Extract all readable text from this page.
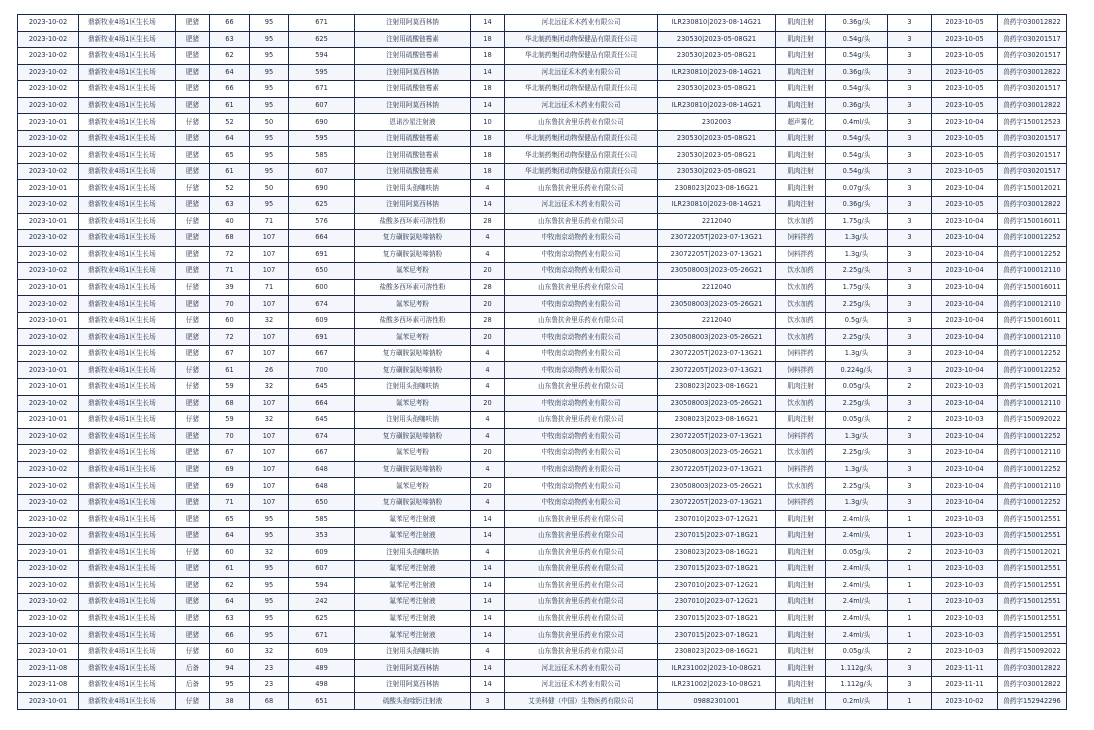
2023-10-02	鼎新牧业4场1区生长场	肥猪	66	95	671	注射用阿莫西林钠	14	河北远征禾木药业有限公司	ILR230810|2023-08-14G21	肌肉注射	0.36g/头	3	2023-10-05	兽药字030012822
2023-10-02	鼎新牧业4场1区生长场	肥猪	63	95	625	注射用硫酸链霉素	18	华北制药集团动物保健品有限责任公司	230530|2023-05-08G21	肌肉注射	0.54g/头	3	2023-10-05	兽药字030201517
2023-10-02	鼎新牧业4场1区生长场	肥猪	62	95	594	注射用硫酸链霉素	18	华北制药集团动物保健品有限责任公司	230530|2023-05-08G21	肌肉注射	0.54g/头	3	2023-10-05	兽药字030201517
2023-10-02	鼎新牧业4场1区生长场	肥猪	64	95	595	注射用阿莫西林钠	14	河北远征禾木药业有限公司	ILR230810|2023-08-14G21	肌肉注射	0.36g/头	3	2023-10-05	兽药字030012822
2023-10-02	鼎新牧业4场1区生长场	肥猪	66	95	671	注射用硫酸链霉素	18	华北制药集团动物保健品有限责任公司	230530|2023-05-08G21	肌肉注射	0.54g/头	3	2023-10-05	兽药字030201517
2023-10-02	鼎新牧业4场1区生长场	肥猪	61	95	607	注射用阿莫西林钠	14	河北远征禾木药业有限公司	ILR230810|2023-08-14G21	肌肉注射	0.36g/头	3	2023-10-05	兽药字030012822
2023-10-01	鼎新牧业4场1区生长场	仔猪	52	50	690	恩诺沙星注射液	10	山东鲁抗舍里乐药业有限公司	2302003	超声雾化	0.4ml/头	3	2023-10-04	兽药字150012523
2023-10-02	鼎新牧业4场1区生长场	肥猪	64	95	595	注射用硫酸链霉素	18	华北制药集团动物保健品有限责任公司	230530|2023-05-08G21	肌肉注射	0.54g/头	3	2023-10-05	兽药字030201517
2023-10-02	鼎新牧业4场1区生长场	肥猪	65	95	585	注射用硫酸链霉素	18	华北制药集团动物保健品有限责任公司	230530|2023-05-08G21	肌肉注射	0.54g/头	3	2023-10-05	兽药字030201517
2023-10-02	鼎新牧业4场1区生长场	肥猪	61	95	607	注射用硫酸链霉素	18	华北制药集团动物保健品有限责任公司	230530|2023-05-08G21	肌肉注射	0.54g/头	3	2023-10-05	兽药字030201517
2023-10-01	鼎新牧业4场1区生长场	仔猪	52	50	690	注射用头孢噻呋钠	4	山东鲁抗舍里乐药业有限公司	2308023|2023-08-16G21	肌肉注射	0.07g/头	3	2023-10-04	兽药字150012021
2023-10-02	鼎新牧业4场1区生长场	肥猪	63	95	625	注射用阿莫西林钠	14	河北远征禾木药业有限公司	ILR230810|2023-08-14G21	肌肉注射	0.36g/头	3	2023-10-05	兽药字030012822
2023-10-01	鼎新牧业4场1区生长场	仔猪	40	71	576	盐酸多西环素可溶性粉	28	山东鲁抗舍里乐药业有限公司	2212040	饮水加药	1.75g/头	3	2023-10-04	兽药字150016011
2023-10-02	鼎新牧业4场1区生长场	肥猪	68	107	664	复方磺胺氯哒嗪钠粉	4	中牧南京动物药业有限公司	23072205T|2023-07-13G21	饲料拌药	1.3g/头	3	2023-10-04	兽药字100012252
2023-10-02	鼎新牧业4场1区生长场	肥猪	72	107	691	复方磺胺氯哒嗪钠粉	4	中牧南京动物药业有限公司	23072205T|2023-07-13G21	饲料拌药	1.3g/头	3	2023-10-04	兽药字100012252
2023-10-02	鼎新牧业4场1区生长场	肥猪	71	107	650	氟苯尼考粉	20	中牧南京动物药业有限公司	230508003|2023-05-26G21	饮水加药	2.25g/头	3	2023-10-04	兽药字100012110
2023-10-01	鼎新牧业4场1区生长场	仔猪	39	71	600	盐酸多西环素可溶性粉	28	山东鲁抗舍里乐药业有限公司	2212040	饮水加药	1.75g/头	3	2023-10-04	兽药字150016011
2023-10-02	鼎新牧业4场1区生长场	肥猪	70	107	674	氟苯尼考粉	20	中牧南京动物药业有限公司	230508003|2023-05-26G21	饮水加药	2.25g/头	3	2023-10-04	兽药字100012110
2023-10-01	鼎新牧业4场1区生长场	仔猪	60	32	609	盐酸多西环素可溶性粉	28	山东鲁抗舍里乐药业有限公司	2212040	饮水加药	0.5g/头	3	2023-10-04	兽药字150016011
2023-10-02	鼎新牧业4场1区生长场	肥猪	72	107	691	氟苯尼考粉	20	中牧南京动物药业有限公司	230508003|2023-05-26G21	饮水加药	2.25g/头	3	2023-10-04	兽药字100012110
2023-10-02	鼎新牧业4场1区生长场	肥猪	67	107	667	复方磺胺氯哒嗪钠粉	4	中牧南京动物药业有限公司	23072205T|2023-07-13G21	饲料拌药	1.3g/头	3	2023-10-04	兽药字100012252
2023-10-01	鼎新牧业4场1区生长场	仔猪	61	26	700	复方磺胺氯哒嗪钠粉	4	中牧南京动物药业有限公司	23072205T|2023-07-13G21	饲料拌药	0.224g/头	3	2023-10-04	兽药字100012252
2023-10-01	鼎新牧业4场1区生长场	仔猪	59	32	645	注射用头孢噻呋钠	4	山东鲁抗舍里乐药业有限公司	2308023|2023-08-16G21	肌肉注射	0.05g/头	2	2023-10-03	兽药字150012021
2023-10-02	鼎新牧业4场1区生长场	肥猪	68	107	664	氟苯尼考粉	20	中牧南京动物药业有限公司	230508003|2023-05-26G21	饮水加药	2.25g/头	3	2023-10-04	兽药字100012110
2023-10-01	鼎新牧业4场1区生长场	仔猪	59	32	645	注射用头孢噻呋钠	4	山东鲁抗舍里乐药业有限公司	2308023|2023-08-16G21	肌肉注射	0.05g/头	2	2023-10-03	兽药字150092022
2023-10-02	鼎新牧业4场1区生长场	肥猪	70	107	674	复方磺胺氯哒嗪钠粉	4	中牧南京动物药业有限公司	23072205T|2023-07-13G21	饲料拌药	1.3g/头	3	2023-10-04	兽药字100012252
2023-10-02	鼎新牧业4场1区生长场	肥猪	67	107	667	氟苯尼考粉	20	中牧南京动物药业有限公司	230508003|2023-05-26G21	饮水加药	2.25g/头	3	2023-10-04	兽药字100012110
2023-10-02	鼎新牧业4场1区生长场	肥猪	69	107	648	复方磺胺氯哒嗪钠粉	4	中牧南京动物药业有限公司	23072205T|2023-07-13G21	饲料拌药	1.3g/头	3	2023-10-04	兽药字100012252
2023-10-02	鼎新牧业4场1区生长场	肥猪	69	107	648	氟苯尼考粉	20	中牧南京动物药业有限公司	230508003|2023-05-26G21	饮水加药	2.25g/头	3	2023-10-04	兽药字100012110
2023-10-02	鼎新牧业4场1区生长场	肥猪	71	107	650	复方磺胺氯哒嗪钠粉	4	中牧南京动物药业有限公司	23072205T|2023-07-13G21	饲料拌药	1.3g/头	3	2023-10-04	兽药字100012252
2023-10-02	鼎新牧业4场1区生长场	肥猪	65	95	585	氟苯尼考注射液	14	山东鲁抗舍里乐药业有限公司	2307010|2023-07-12G21	肌肉注射	2.4ml/头	1	2023-10-03	兽药字150012551
2023-10-02	鼎新牧业4场1区生长场	肥猪	64	95	353	氟苯尼考注射液	14	山东鲁抗舍里乐药业有限公司	2307015|2023-07-18G21	肌肉注射	2.4ml/头	1	2023-10-03	兽药字150012551
2023-10-01	鼎新牧业4场1区生长场	仔猪	60	32	609	注射用头孢噻呋钠	4	山东鲁抗舍里乐药业有限公司	2308023|2023-08-16G21	肌肉注射	0.05g/头	2	2023-10-03	兽药字150012021
2023-10-02	鼎新牧业4场1区生长场	肥猪	61	95	607	氟苯尼考注射液	14	山东鲁抗舍里乐药业有限公司	2307015|2023-07-18G21	肌肉注射	2.4ml/头	1	2023-10-03	兽药字150012551
2023-10-02	鼎新牧业4场1区生长场	肥猪	62	95	594	氟苯尼考注射液	14	山东鲁抗舍里乐药业有限公司	2307010|2023-07-12G21	肌肉注射	2.4ml/头	1	2023-10-03	兽药字150012551
2023-10-02	鼎新牧业4场1区生长场	肥猪	64	95	242	氟苯尼考注射液	14	山东鲁抗舍里乐药业有限公司	2307010|2023-07-12G21	肌肉注射	2.4ml/头	1	2023-10-03	兽药字150012551
2023-10-02	鼎新牧业4场1区生长场	肥猪	63	95	625	氟苯尼考注射液	14	山东鲁抗舍里乐药业有限公司	2307015|2023-07-18G21	肌肉注射	2.4ml/头	1	2023-10-03	兽药字150012551
2023-10-02	鼎新牧业4场1区生长场	肥猪	66	95	671	氟苯尼考注射液	14	山东鲁抗舍里乐药业有限公司	2307015|2023-07-18G21	肌肉注射	2.4ml/头	1	2023-10-03	兽药字150012551
2023-10-01	鼎新牧业4场1区生长场	仔猪	60	32	609	注射用头孢噻呋钠	4	山东鲁抗舍里乐药业有限公司	2308023|2023-08-16G21	肌肉注射	0.05g/头	2	2023-10-03	兽药字150092022
2023-11-08	鼎新牧业4场1区生长场	后备	94	23	489	注射用阿莫西林钠	14	河北远征禾木药业有限公司	ILR231002|2023-10-08G21	肌肉注射	1.112g/头	3	2023-11-11	兽药字030012822
2023-11-08	鼎新牧业4场1区生长场	后备	95	23	498	注射用阿莫西林钠	14	河北远征禾木药业有限公司	ILR231002|2023-10-08G21	肌肉注射	1.112g/头	3	2023-11-11	兽药字030012822
2023-10-01	鼎新牧业4场1区生长场	仔猪	38	68	651	硫酸头孢喹肟注射液	3	艾美科健（中国）生物医药有限公司	09882301001	肌肉注射	0.2ml/头	1	2023-10-02	兽药字152942296
